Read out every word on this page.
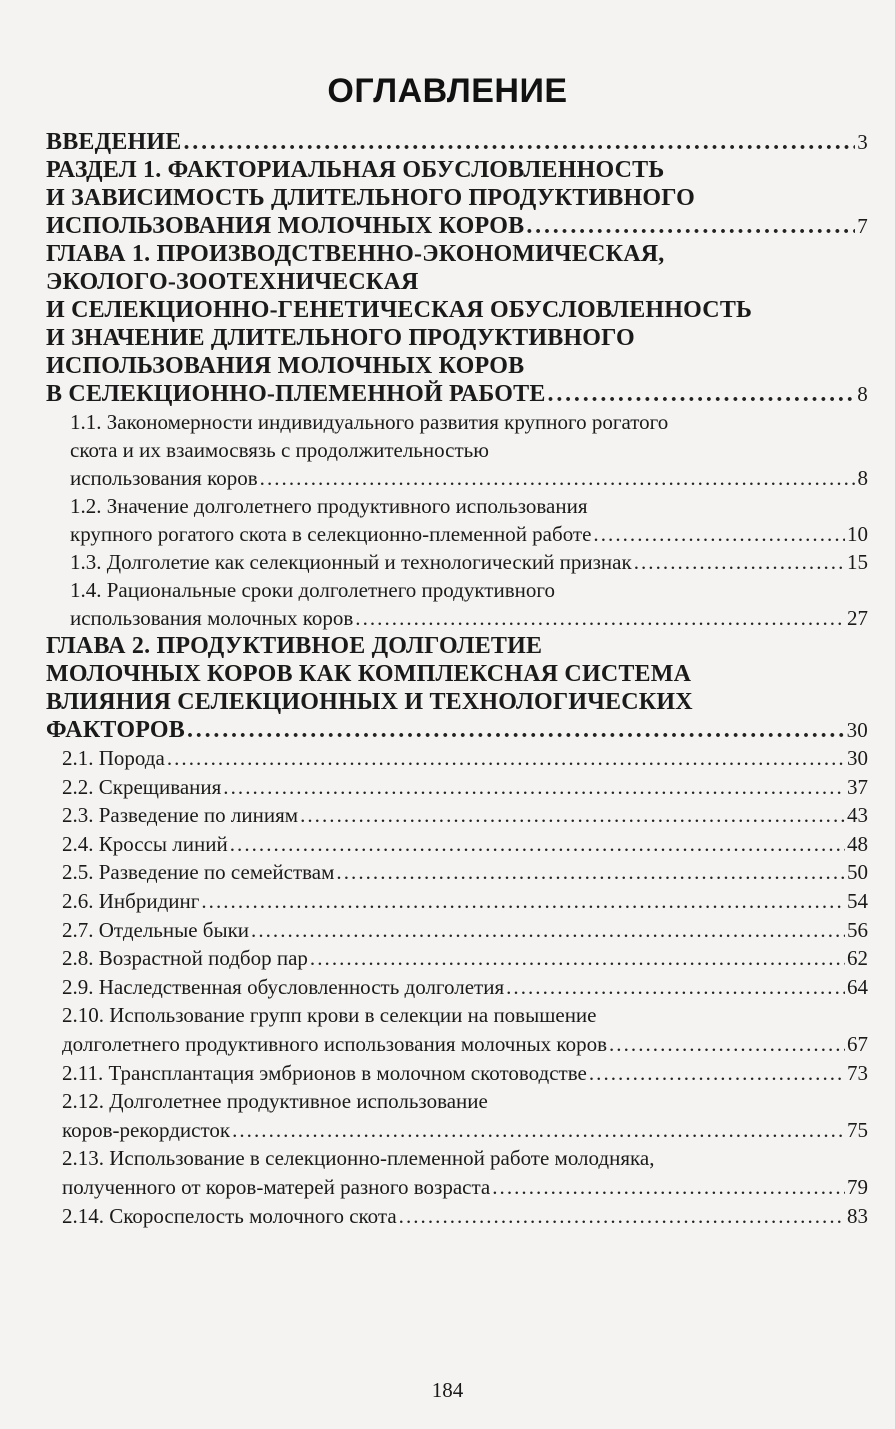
ОГЛАВЛЕНИЕ
ВВЕДЕНИЕ . . .	3
РАЗДЕЛ 1. ФАКТОРИАЛЬНАЯ ОБУСЛОВЛЕННОСТЬ
И ЗАВИСИМОСТЬ ДЛИТЕЛЬНОГО ПРОДУКТИВНОГО
ИСПОЛЬЗОВАНИЯ МОЛОЧНЫХ КОРОВ . . .	7
ГЛАВА 1. ПРОИЗВОДСТВЕННО-ЭКОНОМИЧЕСКАЯ,
ЭКОЛОГО-ЗООТЕХНИЧЕСКАЯ
И СЕЛЕКЦИОННО-ГЕНЕТИЧЕСКАЯ ОБУСЛОВЛЕННОСТЬ
И ЗНАЧЕНИЕ ДЛИТЕЛЬНОГО ПРОДУКТИВНОГО
ИСПОЛЬЗОВАНИЯ МОЛОЧНЫХ КОРОВ
В СЕЛЕКЦИОННО-ПЛЕМЕННОЙ РАБОТЕ . . .	8
1.1. Закономерности индивидуального развития крупного рогатого
скота и их взаимосвязь с продолжительностью
использования коров . . .	8
1.2. Значение долголетнего продуктивного использования
крупного рогатого скота в селекционно-племенной работе . . .	10
1.3. Долголетие как селекционный и технологический признак . . .	15
1.4. Рациональные сроки долголетнего продуктивного
использования молочных коров . . .	27
ГЛАВА 2. ПРОДУКТИВНОЕ ДОЛГОЛЕТИЕ
МОЛОЧНЫХ КОРОВ КАК КОМПЛЕКСНАЯ СИСТЕМА
ВЛИЯНИЯ СЕЛЕКЦИОННЫХ И ТЕХНОЛОГИЧЕСКИХ
ФАКТОРОВ . . .	30
2.1. Порода . . .	30
2.2. Скрещивания . . .	37
2.3. Разведение по линиям . . .	43
2.4. Кроссы линий . . .	48
2.5. Разведение по семействам . . .	50
2.6. Инбридинг . . .	54
2.7. Отдельные быки . . .	56
2.8. Возрастной подбор пар . . .	62
2.9. Наследственная обусловленность долголетия . . .	64
2.10. Использование групп крови в селекции на повышение
долголетнего продуктивного использования молочных коров . . .	67
2.11. Трансплантация эмбрионов в молочном скотоводстве . . .	73
2.12. Долголетнее продуктивное использование
коров-рекордисток . . .	75
2.13. Использование в селекционно-племенной работе молодняка,
полученного от коров-матерей разного возраста . . .	79
2.14. Скороспелость молочного скота . . .	83
184
